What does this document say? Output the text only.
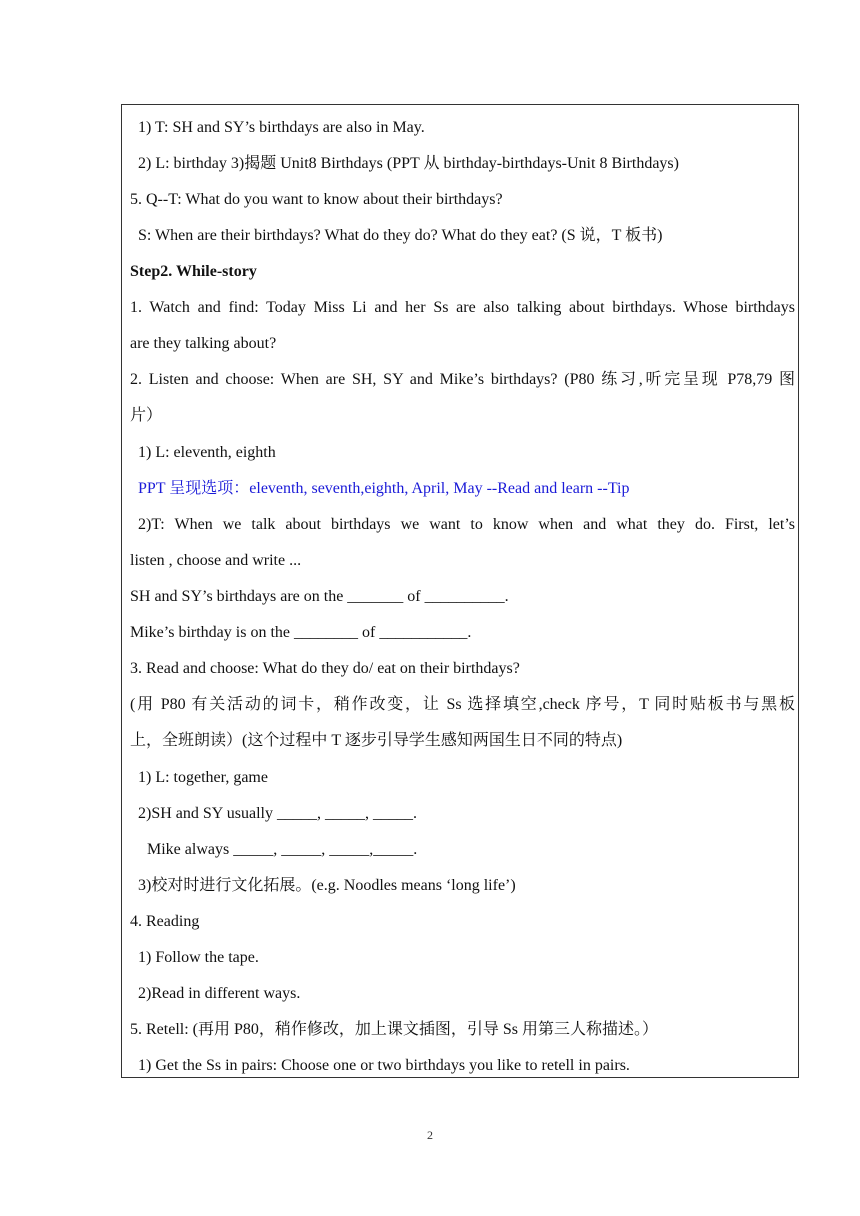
1) T: SH and SY’s birthdays are also in May.
2) L: birthday 3)揭题 Unit8 Birthdays (PPT 从 birthday-birthdays-Unit 8 Birthdays)
5. Q--T: What do you want to know about their birthdays?
S: When are their birthdays? What do they do? What do they eat? (S 说，T 板书)
Step2. While-story
1. Watch and find: Today Miss Li and her Ss are also talking about birthdays. Whose birthdays
are they talking about?
2. Listen and choose: When are SH, SY and Mike’s birthdays? (P80 练习,听完呈现 P78,79 图
片）
1) L: eleventh, eighth
PPT 呈现选项：eleventh, seventh,eighth, April, May --Read and learn --Tip
2)T: When we talk about birthdays we want to know when and what they do. First, let’s
listen , choose and write ...
SH and SY’s birthdays are on the _______ of __________.
Mike’s birthday is on the ________ of ___________.
3. Read and choose: What do they do/ eat on their birthdays?
(用 P80 有关活动的词卡，稍作改变，让 Ss 选择填空,check 序号，T 同时贴板书与黑板
上，全班朗读）(这个过程中 T 逐步引导学生感知两国生日不同的特点)
1) L: together, game
2)SH and SY usually _____, _____, _____.
Mike always _____, _____, _____,_____.
3)校对时进行文化拓展。(e.g. Noodles means ‘long life’)
4. Reading
1) Follow the tape.
2)Read in different ways.
5. Retell: (再用 P80，稍作修改，加上课文插图，引导 Ss 用第三人称描述。）
1) Get the Ss in pairs: Choose one or two birthdays you like to retell in pairs.
2
